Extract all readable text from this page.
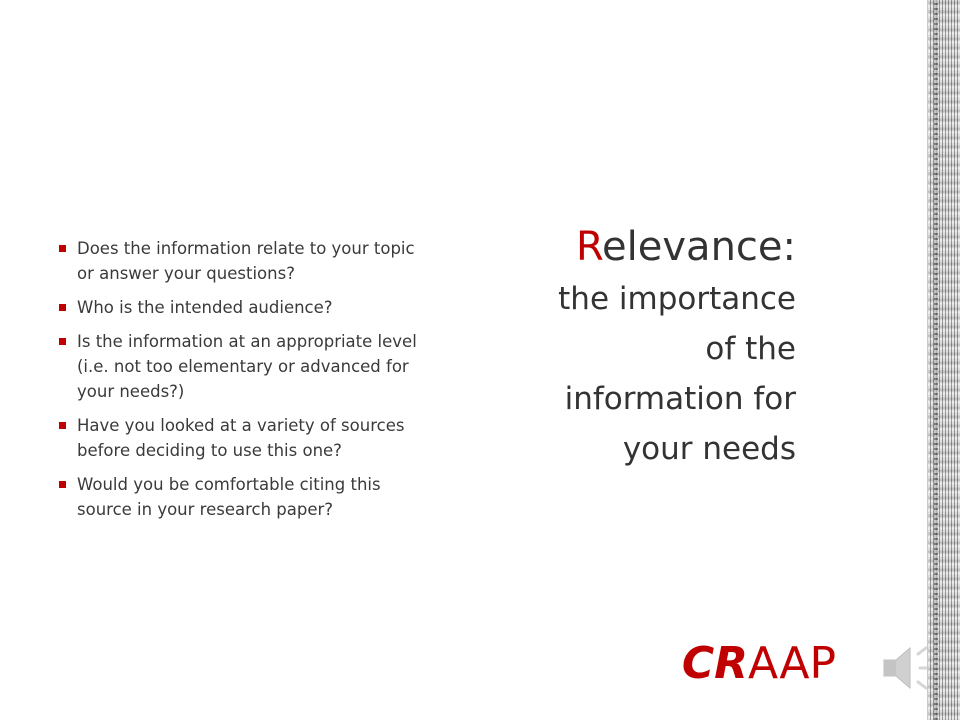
Does the information relate to your topic or answer your questions?
Who is the intended audience?
Is the information at an appropriate level (i.e. not too elementary or advanced for your needs?)
Have you looked at a variety of sources before deciding to use this one?
Would you be comfortable citing this source in your research paper?

Relevance:

the importance
of the
information for
your needs

CRAAP
